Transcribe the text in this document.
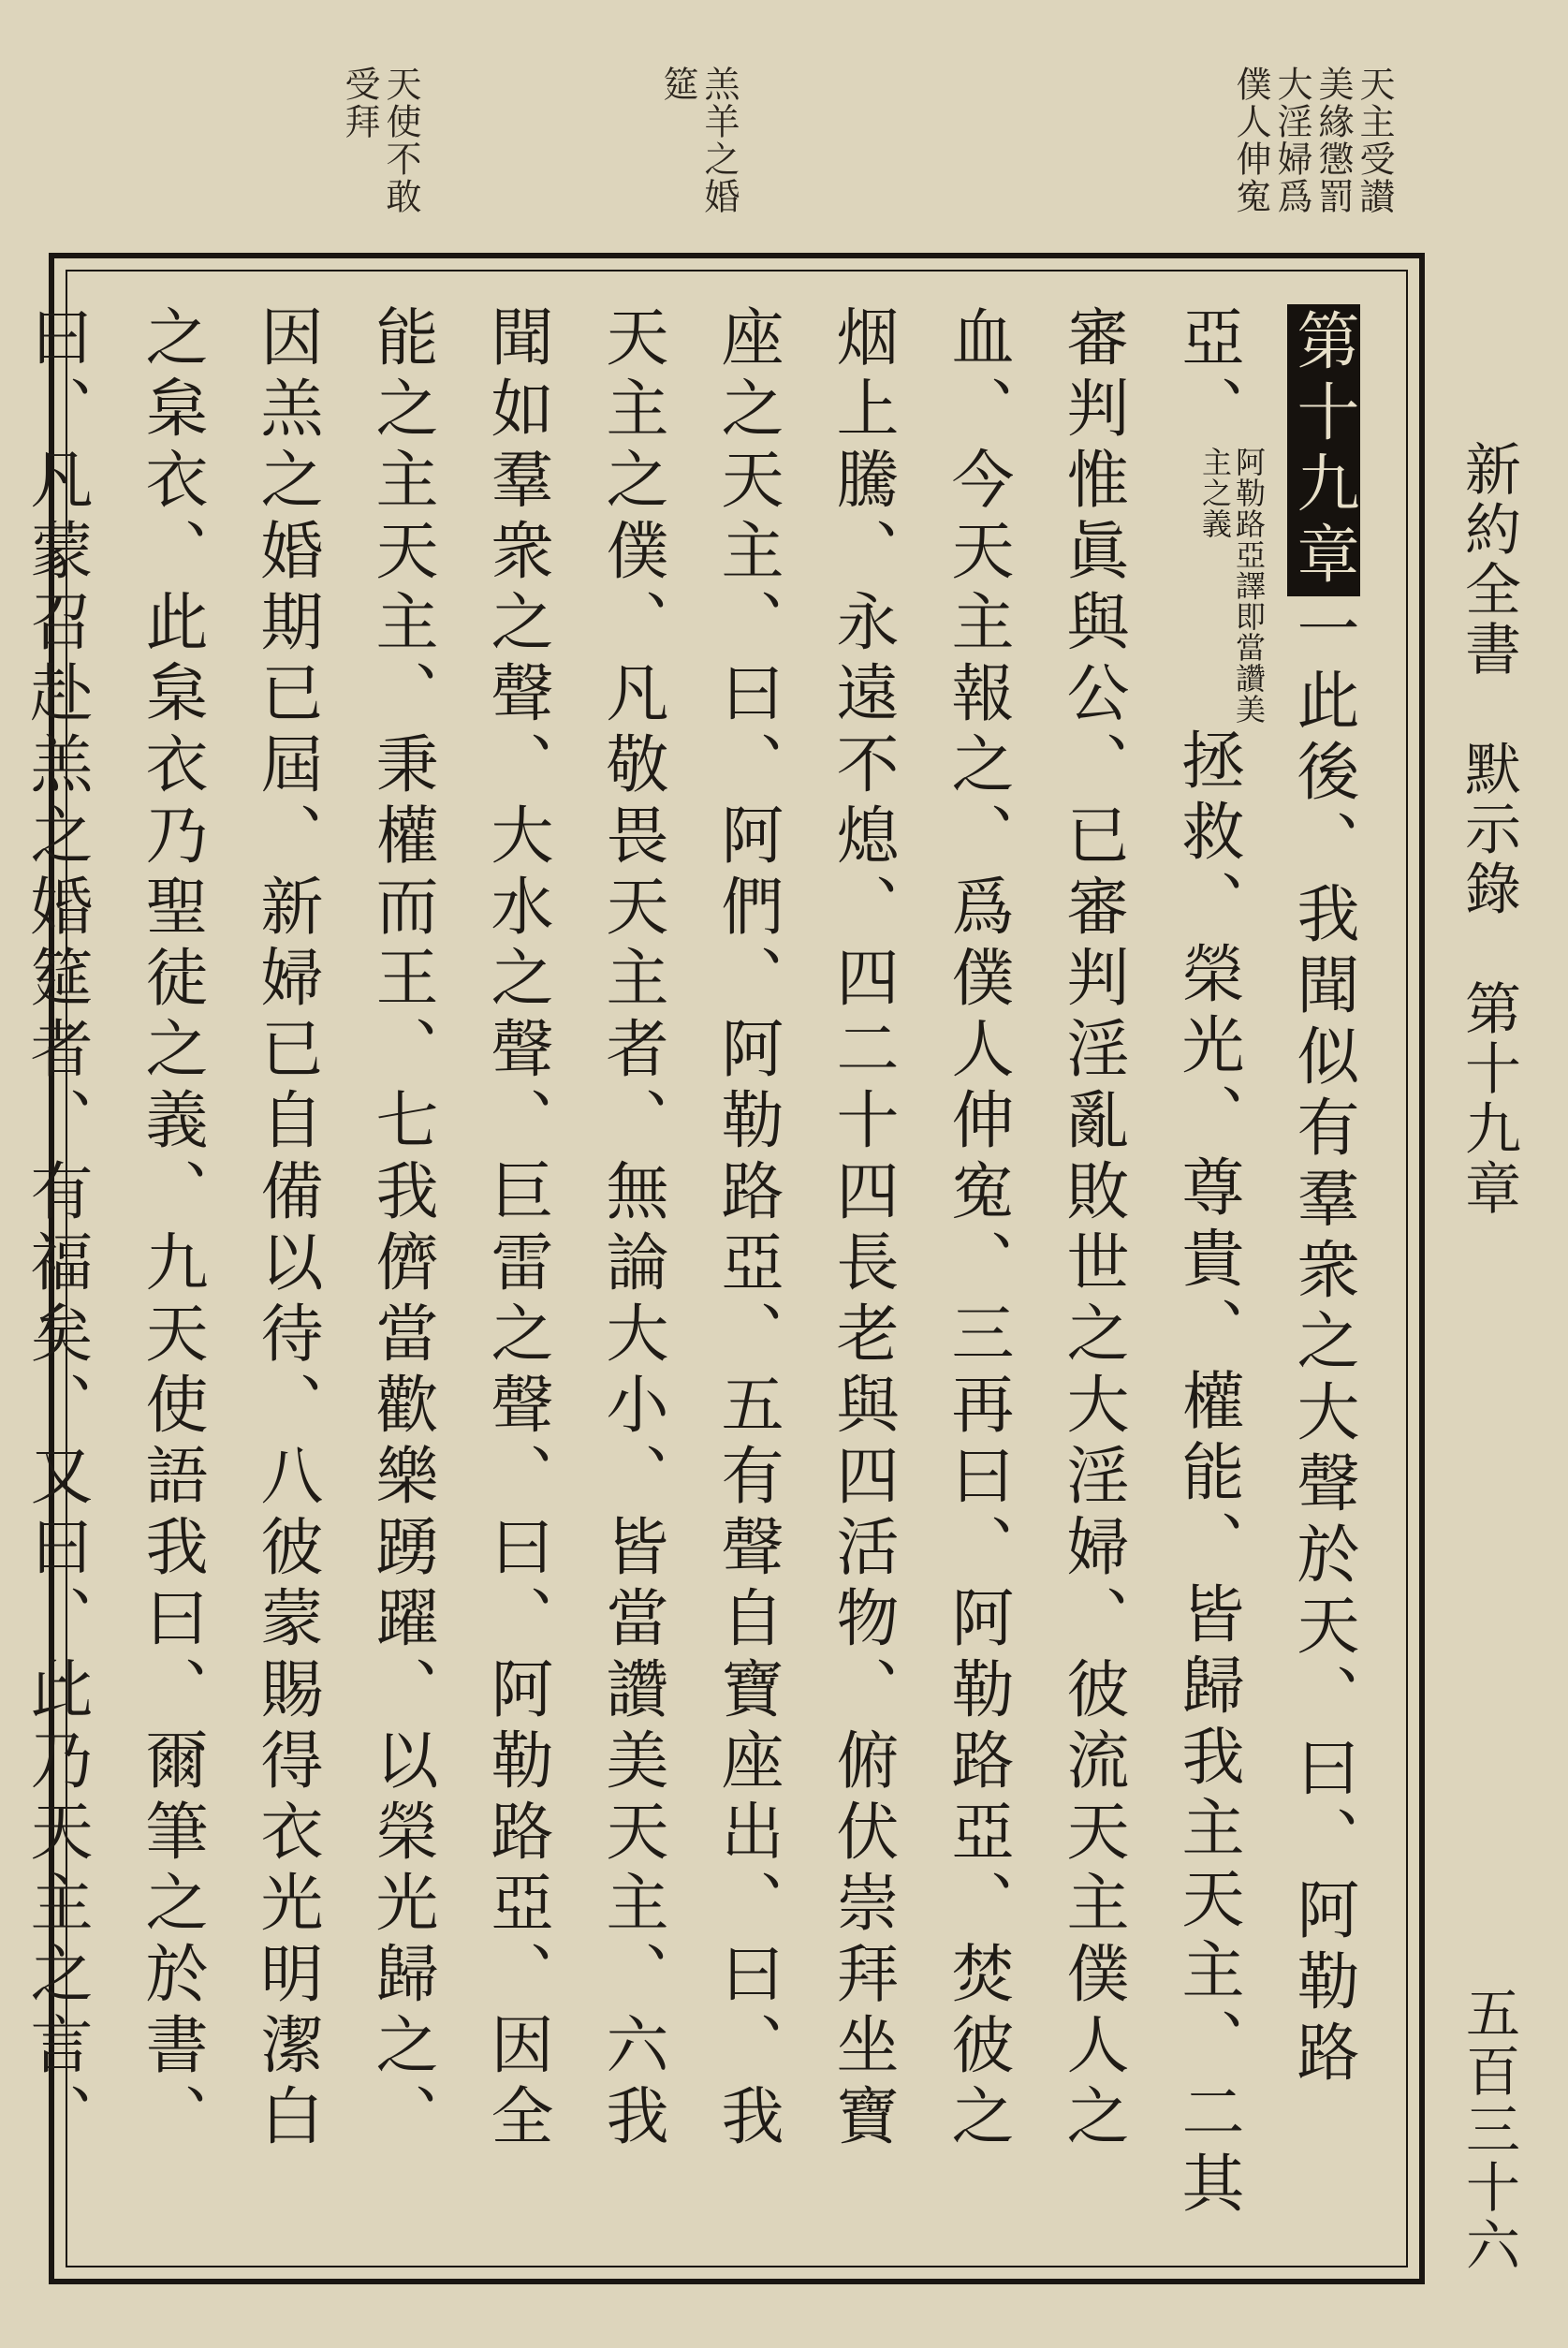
新約全書　默示錄　第十九章
五百三十六
天主受讃美緣懲罰大淫婦爲僕人伸寃
羔羊之婚筵
天使不敢受拜
第十九章一此後、我聞似有羣衆之大聲於天、曰、阿勒路亞、阿勒路亞譯即當讚美主之義拯救、榮光、尊貴、權能、皆歸我主天主、二其審判惟眞與公、已審判淫亂敗世之大淫婦、彼流天主僕人之血、今天主報之、爲僕人伸寃、三再曰、阿勒路亞、焚彼之烟上騰、永遠不熄、四二十四長老與四活物、俯伏崇拜坐寶座之天主、曰、阿們、阿勒路亞、五有聲自寶座出、曰、我天主之僕、凡敬畏天主者、無論大小、皆當讚美天主、六我聞如羣衆之聲、大水之聲、巨雷之聲、曰、阿勒路亞、因全能之主天主、秉權而王、七我儕當歡樂踴躍、以榮光歸之、因羔之婚期已屆、新婦已自備以待、八彼蒙賜得衣光明潔白之枲衣、此枲衣乃聖徒之義、九天使語我曰、爾筆之於書、曰、凡蒙召赴羔之婚筵者、有福矣、又曰、此乃天主之言、
